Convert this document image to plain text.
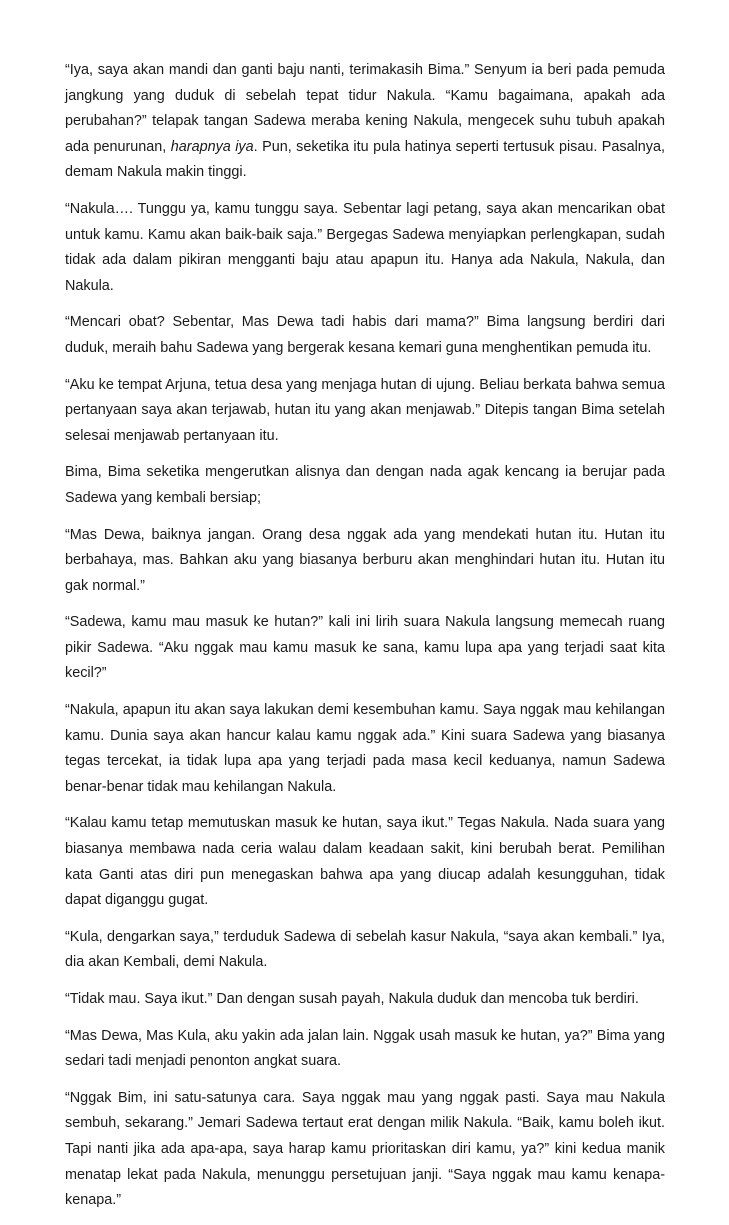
“Iya, saya akan mandi dan ganti baju nanti, terimakasih Bima.” Senyum ia beri pada pemuda jangkung yang duduk di sebelah tepat tidur Nakula. “Kamu bagaimana, apakah ada perubahan?” telapak tangan Sadewa meraba kening Nakula, mengecek suhu tubuh apakah ada penurunan, harapnya iya. Pun, seketika itu pula hatinya seperti tertusuk pisau. Pasalnya, demam Nakula makin tinggi.

“Nakula…. Tunggu ya, kamu tunggu saya. Sebentar lagi petang, saya akan mencarikan obat untuk kamu. Kamu akan baik-baik saja.” Bergegas Sadewa menyiapkan perlengkapan, sudah tidak ada dalam pikiran mengganti baju atau apapun itu. Hanya ada Nakula, Nakula, dan Nakula.

“Mencari obat? Sebentar, Mas Dewa tadi habis dari mama?” Bima langsung berdiri dari duduk, meraih bahu Sadewa yang bergerak kesana kemari guna menghentikan pemuda itu.

“Aku ke tempat Arjuna, tetua desa yang menjaga hutan di ujung. Beliau berkata bahwa semua pertanyaan saya akan terjawab, hutan itu yang akan menjawab.” Ditepis tangan Bima setelah selesai menjawab pertanyaan itu.

Bima, Bima seketika mengerutkan alisnya dan dengan nada agak kencang ia berujar pada Sadewa yang kembali bersiap;

“Mas Dewa, baiknya jangan. Orang desa nggak ada yang mendekati hutan itu. Hutan itu berbahaya, mas. Bahkan aku yang biasanya berburu akan menghindari hutan itu. Hutan itu gak normal.”

“Sadewa, kamu mau masuk ke hutan?” kali ini lirih suara Nakula langsung memecah ruang pikir Sadewa. “Aku nggak mau kamu masuk ke sana, kamu lupa apa yang terjadi saat kita kecil?”

“Nakula, apapun itu akan saya lakukan demi kesembuhan kamu. Saya nggak mau kehilangan kamu. Dunia saya akan hancur kalau kamu nggak ada.” Kini suara Sadewa yang biasanya tegas tercekat, ia tidak lupa apa yang terjadi pada masa kecil keduanya, namun Sadewa benar-benar tidak mau kehilangan Nakula.

“Kalau kamu tetap memutuskan masuk ke hutan, saya ikut.” Tegas Nakula. Nada suara yang biasanya membawa nada ceria walau dalam keadaan sakit, kini berubah berat. Pemilihan kata Ganti atas diri pun menegaskan bahwa apa yang diucap adalah kesungguhan, tidak dapat diganggu gugat.

“Kula, dengarkan saya,” terduduk Sadewa di sebelah kasur Nakula, “saya akan kembali.” Iya, dia akan Kembali, demi Nakula.

“Tidak mau. Saya ikut.” Dan dengan susah payah, Nakula duduk dan mencoba tuk berdiri.

“Mas Dewa, Mas Kula, aku yakin ada jalan lain. Nggak usah masuk ke hutan, ya?” Bima yang sedari tadi menjadi penonton angkat suara.

“Nggak Bim, ini satu-satunya cara. Saya nggak mau yang nggak pasti. Saya mau Nakula sembuh, sekarang.” Jemari Sadewa tertaut erat dengan milik Nakula. “Baik, kamu boleh ikut. Tapi nanti jika ada apa-apa, saya harap kamu prioritaskan diri kamu, ya?” kini kedua manik menatap lekat pada Nakula, menunggu persetujuan janji. “Saya nggak mau kamu kenapa-kenapa.”
